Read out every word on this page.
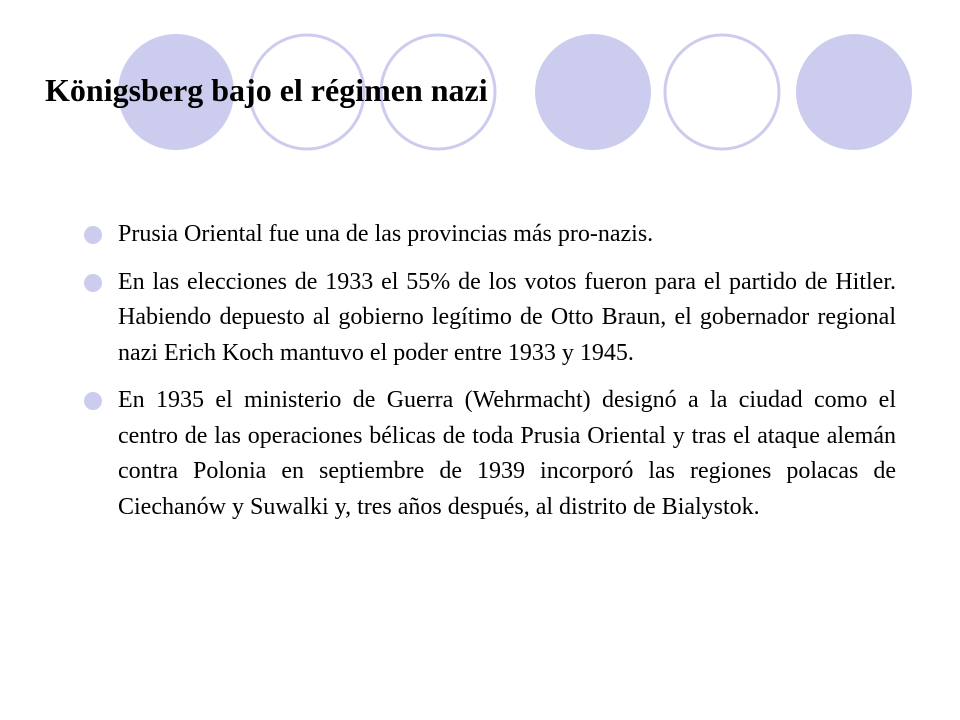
Königsberg bajo el régimen nazi
Prusia Oriental fue una de las provincias más pro-nazis.
En las elecciones de 1933 el 55% de los votos fueron para el partido de Hitler. Habiendo depuesto al gobierno legítimo de Otto Braun, el gobernador regional nazi Erich Koch mantuvo el poder entre 1933 y 1945.
En 1935 el ministerio de Guerra (Wehrmacht) designó a la ciudad como el centro de las operaciones bélicas de toda Prusia Oriental y tras el ataque alemán contra Polonia en septiembre de 1939 incorporó las regiones polacas de Ciechanów y Suwalki y, tres años después, al distrito de Bialystok.
